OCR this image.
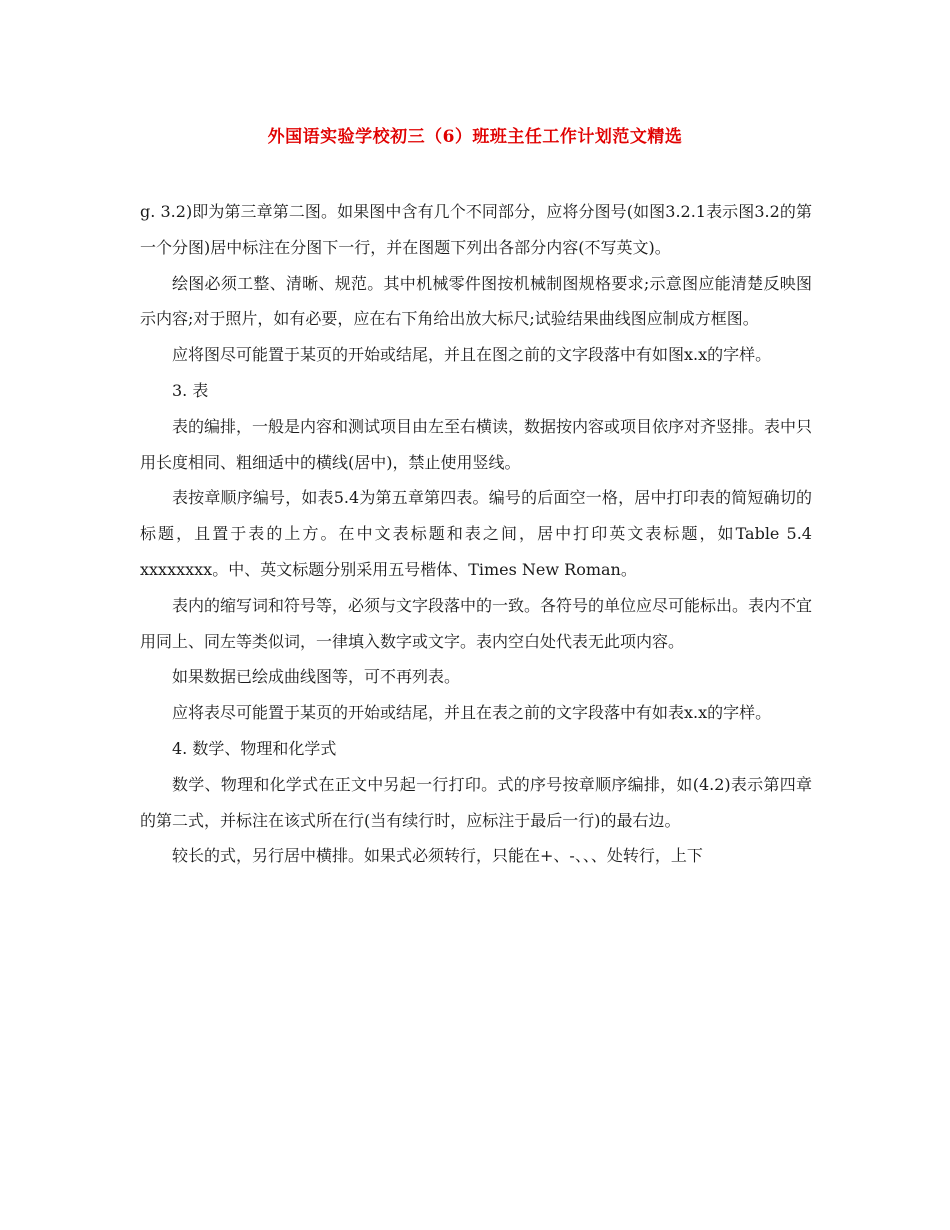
外国语实验学校初三（6）班班主任工作计划范文精选

g. 3.2)即为第三章第二图。如果图中含有几个不同部分，应将分图号(如图3.2.1表示图3.2的第一个分图)居中标注在分图下一行，并在图题下列出各部分内容(不写英文)。

绘图必须工整、清晰、规范。其中机械零件图按机械制图规格要求;示意图应能清楚反映图示内容;对于照片，如有必要，应在右下角给出放大标尺;试验结果曲线图应制成方框图。

应将图尽可能置于某页的开始或结尾，并且在图之前的文字段落中有如图x.x的字样。

3. 表

表的编排，一般是内容和测试项目由左至右横读，数据按内容或项目依序对齐竖排。表中只用长度相同、粗细适中的横线(居中)，禁止使用竖线。

表按章顺序编号，如表5.4为第五章第四表。编号的后面空一格，居中打印表的简短确切的标题，且置于表的上方。在中文表标题和表之间，居中打印英文表标题，如Table 5.4 xxxxxxxx。中、英文标题分别采用五号楷体、Times New Roman。

表内的缩写词和符号等，必须与文字段落中的一致。各符号的单位应尽可能标出。表内不宜用同上、同左等类似词，一律填入数字或文字。表内空白处代表无此项内容。

如果数据已绘成曲线图等，可不再列表。

应将表尽可能置于某页的开始或结尾，并且在表之前的文字段落中有如表x.x的字样。

4. 数学、物理和化学式

数学、物理和化学式在正文中另起一行打印。式的序号按章顺序编排，如(4.2)表示第四章的第二式，并标注在该式所在行(当有续行时，应标注于最后一行)的最右边。

较长的式，另行居中横排。如果式必须转行，只能在+、-、、、处转行，上下
